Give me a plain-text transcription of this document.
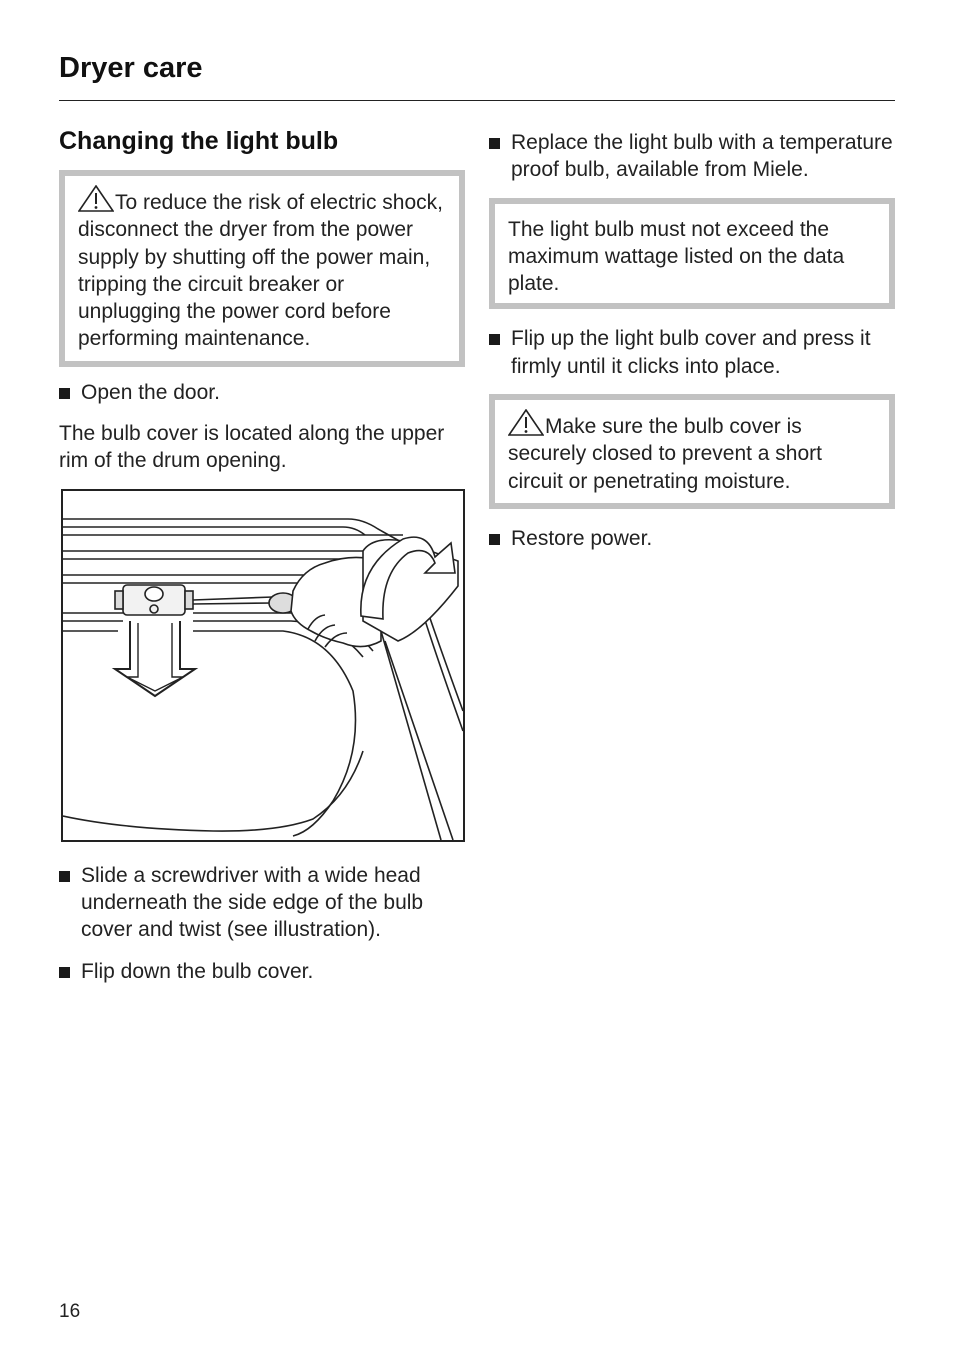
Dryer care
Changing the light bulb

To reduce the risk of electric shock, disconnect the dryer from the power supply by shutting off the power main, tripping the circuit breaker or unplugging the power cord before performing maintenance.

Open the door.

The bulb cover is located along the upper rim of the drum opening.

Slide a screwdriver with a wide head underneath the side edge of the bulb cover and twist (see illustration).
Flip down the bulb cover.
Replace the light bulb with a temperature proof bulb, available from Miele.

The light bulb must not exceed the maximum wattage listed on the data plate.

Flip up the light bulb cover and press it firmly until it clicks into place.

Make sure the bulb cover is securely closed to prevent a short circuit or penetrating moisture.

Restore power.
16
